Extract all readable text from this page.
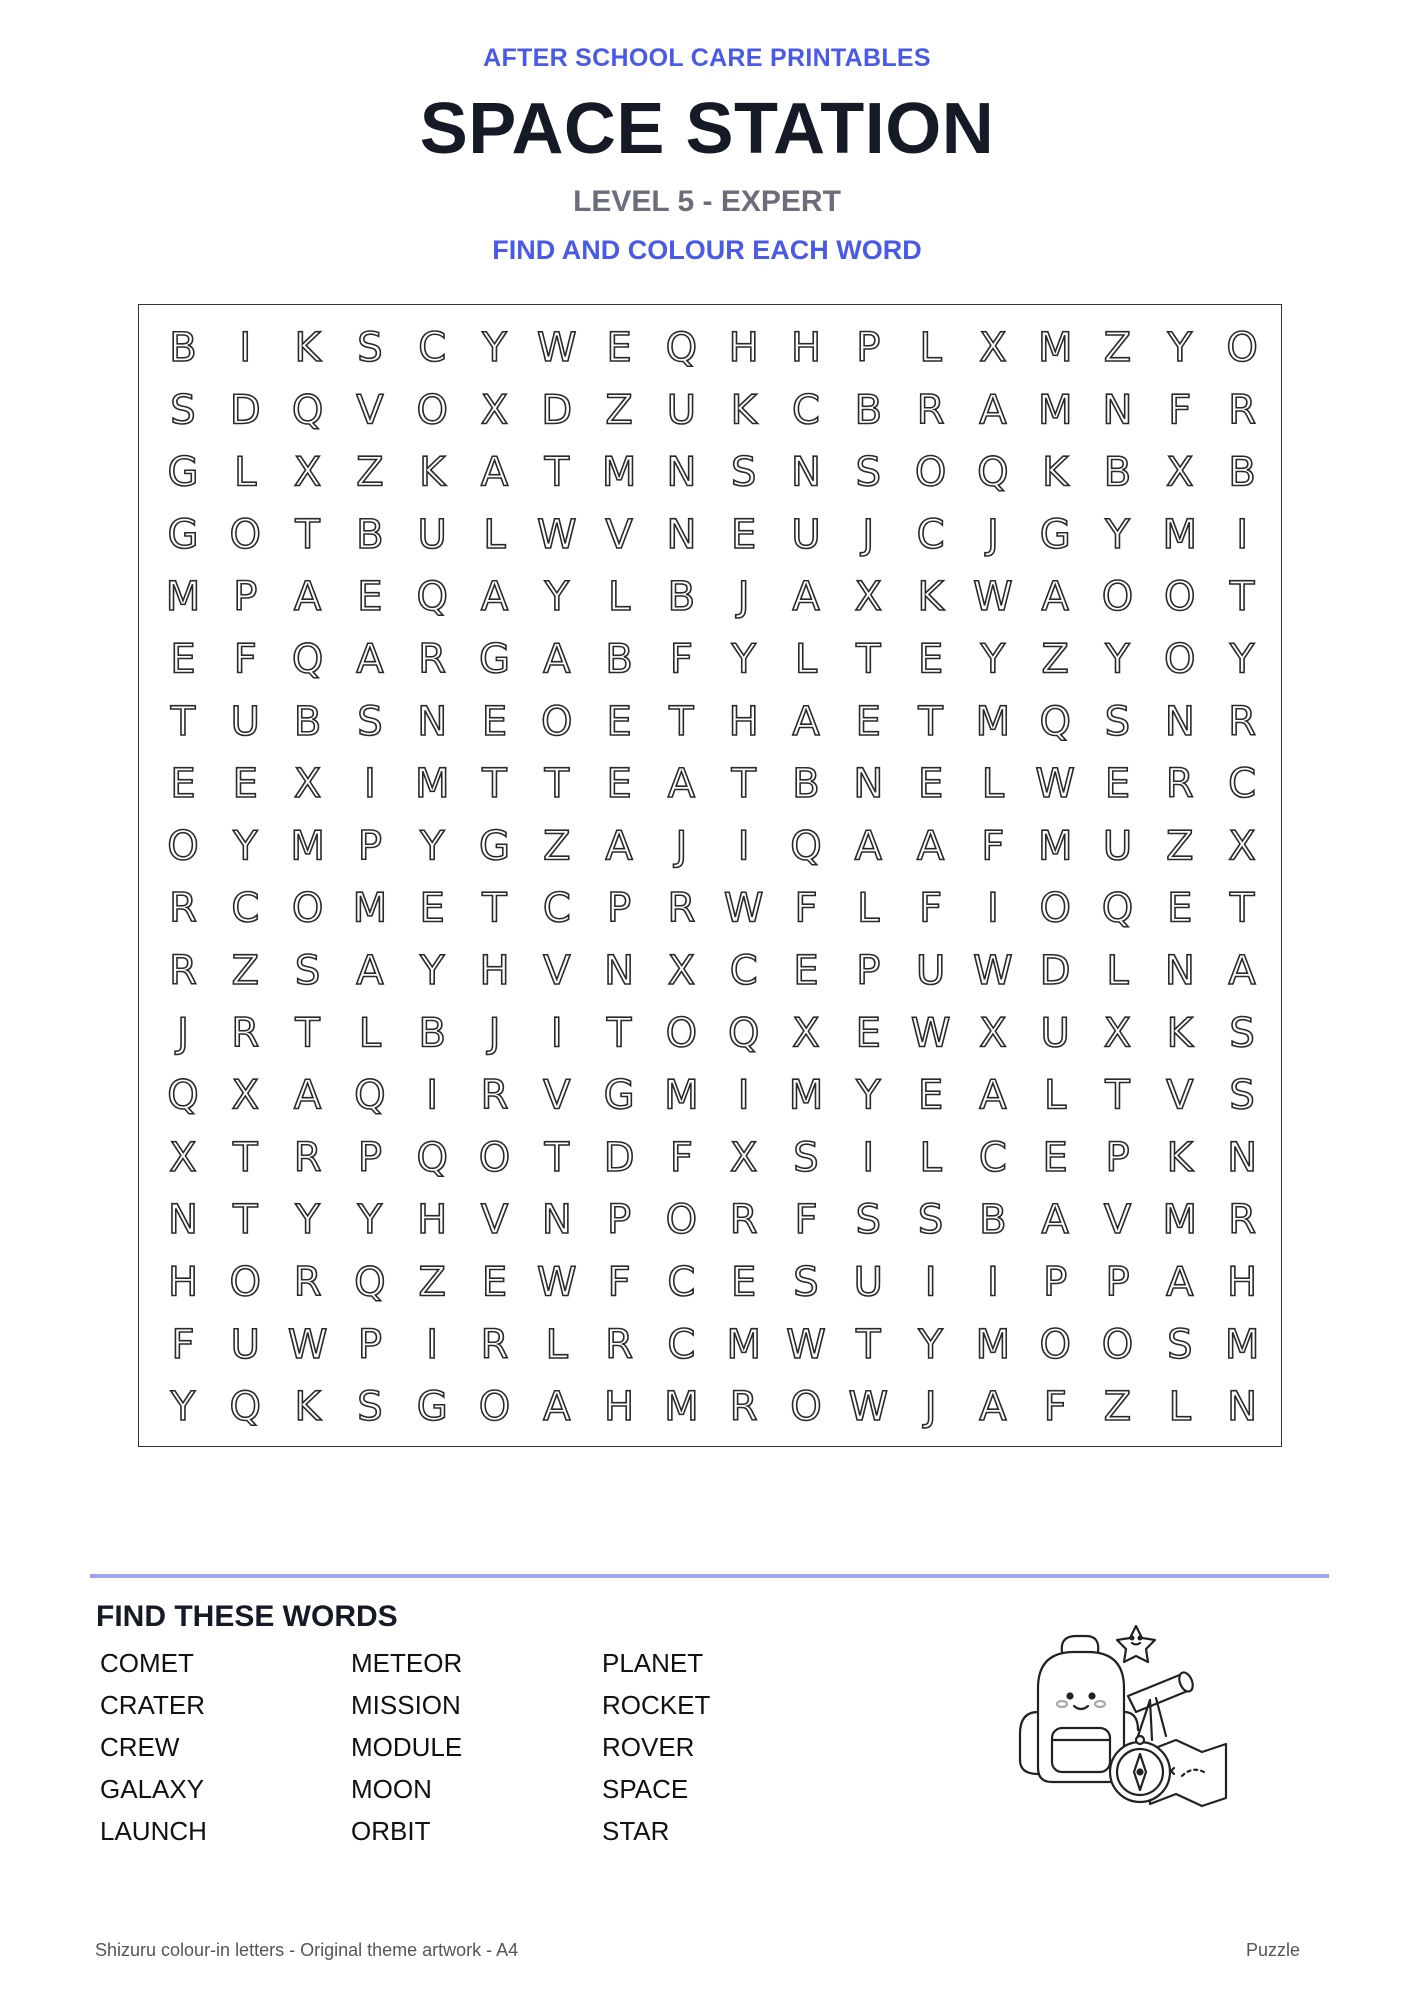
AFTER SCHOOL CARE PRINTABLES
SPACE STATION
LEVEL 5 - EXPERT
FIND AND COLOUR EACH WORD
B I K S C Y W E Q H H P L X M Z Y O
S D Q V O X D Z U K C B R A M N F R
G L X Z K A T M N S N S O Q K B X B
G O T B U L W V N E U J C J G Y M I
M P A E Q A Y L B J A X K W A O O T
E F Q A R G A B F Y L T E Y Z Y O Y
T U B S N E O E T H A E T M Q S N R
E E X I M T T E A T B N E L W E R C
O Y M P Y G Z A J I Q A A F M U Z X
R C O M E T C P R W F L F I O Q E T
R Z S A Y H V N X C E P U W D L N A
J R T L B J I T O Q X E W X U X K S
Q X A Q I R V G M I M Y E A L T V S
X T R P Q O T D F X S I L C E P K N
N T Y Y H V N P O R F S S B A V M R
H O R Q Z E W F C E S U I I P P A H
F U W P I R L R C M W T Y M O O S M
Y Q K S G O A H M R O W J A F Z L N
FIND THESE WORDS
COMET
CRATER
CREW
GALAXY
LAUNCH
METEOR
MISSION
MODULE
MOON
ORBIT
PLANET
ROCKET
ROVER
SPACE
STAR
Shizuru colour-in letters - Original theme artwork - A4	Puzzle
